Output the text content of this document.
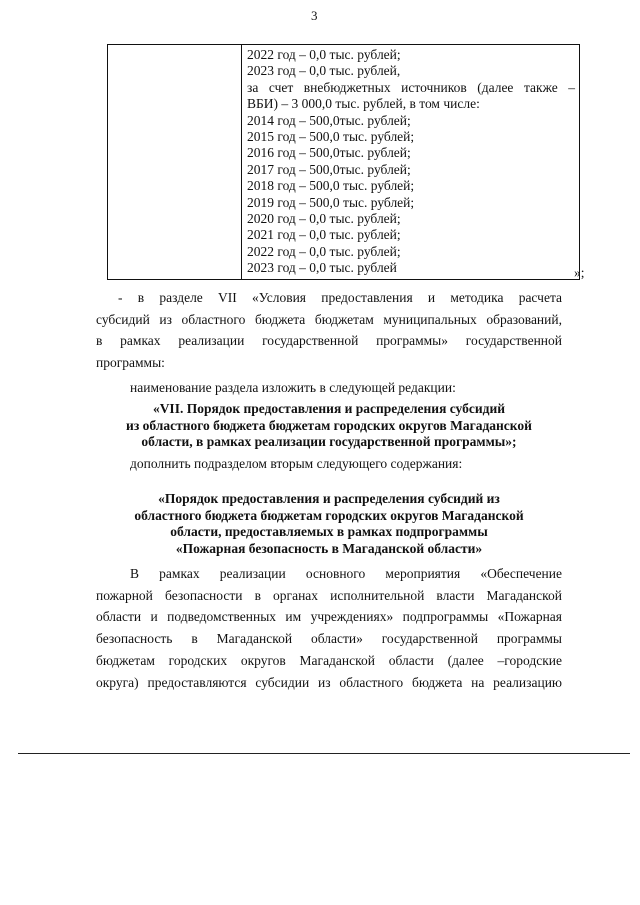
3

2022 год – 0,0 тыс. рублей;
2023 год – 0,0 тыс. рублей,
за счет внебюджетных источников (далее также –
ВБИ) – 3 000,0 тыс. рублей, в том числе:
2014 год – 500,0тыс. рублей;
2015 год – 500,0 тыс. рублей;
2016 год – 500,0тыс. рублей;
2017 год – 500,0тыс. рублей;
2018 год – 500,0 тыс. рублей;
2019 год – 500,0 тыс. рублей;
2020 год – 0,0 тыс. рублей;
2021 год – 0,0 тыс. рублей;
2022 год – 0,0 тыс. рублей;
2023 год – 0,0 тыс. рублей	»;
- в разделе VII «Условия предоставления и методика расчета
субсидий из областного бюджета бюджетам муниципальных образований,
в рамках реализации государственной программы» государственной
программы:
наименование раздела изложить в следующей редакции:
«VII. Порядок предоставления и распределения субсидий
из областного бюджета бюджетам городских округов Магаданской
области, в рамках реализации государственной программы»;
дополнить подразделом вторым следующего содержания:
«Порядок предоставления и распределения субсидий из
областного бюджета бюджетам городских округов Магаданской
области, предоставляемых в рамках подпрограммы
«Пожарная безопасность в Магаданской области»
В рамках реализации основного мероприятия «Обеспечение
пожарной безопасности в органах исполнительной власти Магаданской
области и подведомственных им учреждениях» подпрограммы «Пожарная
безопасность в Магаданской области» государственной программы
бюджетам городских округов Магаданской области (далее –городские
округа) предоставляются субсидии из областного бюджета на реализацию
